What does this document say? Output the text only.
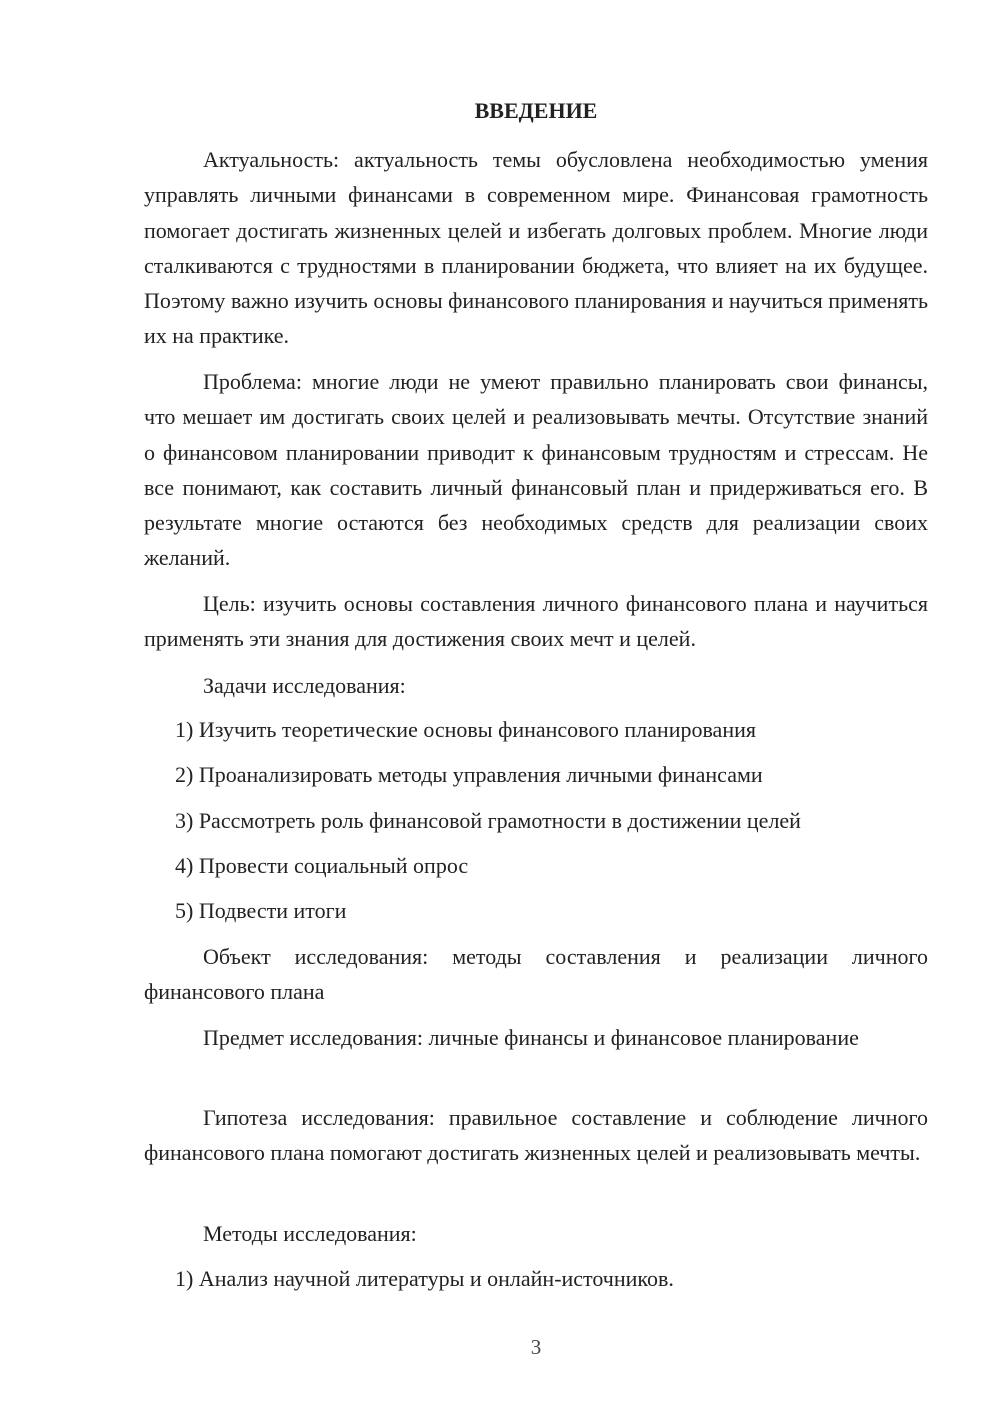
ВВЕДЕНИЕ

Актуальность: актуальность темы обусловлена необходимостью умения управлять личными финансами в современном мире. Финансовая грамотность помогает достигать жизненных целей и избегать долговых проблем. Многие люди сталкиваются с трудностями в планировании бюджета, что влияет на их будущее. Поэтому важно изучить основы финансового планирования и научиться применять их на практике.

Проблема: многие люди не умеют правильно планировать свои финансы, что мешает им достигать своих целей и реализовывать мечты. Отсутствие знаний о финансовом планировании приводит к финансовым трудностям и стрессам. Не все понимают, как составить личный финансовый план и придерживаться его. В результате многие остаются без необходимых средств для реализации своих желаний.

Цель: изучить основы составления личного финансового плана и научиться применять эти знания для достижения своих мечт и целей.

Задачи исследования:

1) Изучить теоретические основы финансового планирования

2) Проанализировать методы управления личными финансами

3) Рассмотреть роль финансовой грамотности в достижении целей

4) Провести социальный опрос

5) Подвести итоги

Объект исследования: методы составления и реализации личного финансового плана

Предмет исследования: личные финансы и финансовое планирование

Гипотеза исследования: правильное составление и соблюдение личного финансового плана помогают достигать жизненных целей и реализовывать мечты.

Методы исследования:

1) Анализ научной литературы и онлайн-источников.

3
